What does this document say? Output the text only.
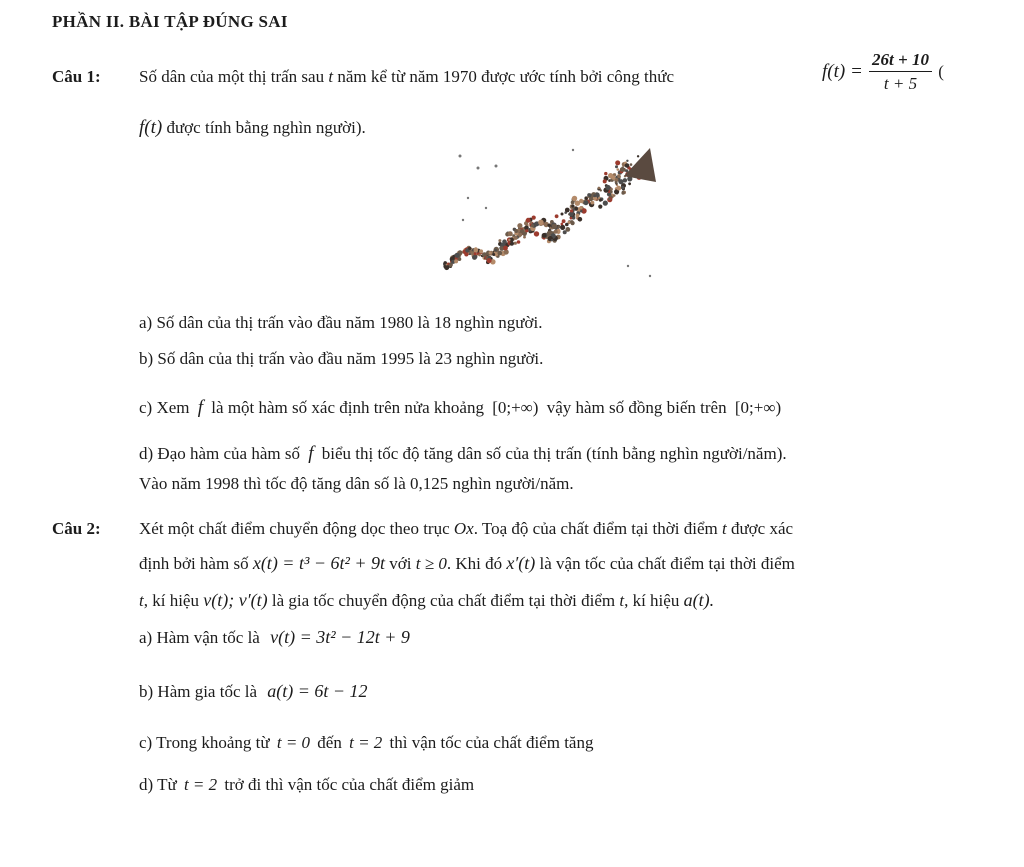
PHẦN II. BÀI TẬP ĐÚNG SAI
Câu 1: Số dân của một thị trấn sau t năm kể từ năm 1970 được ước tính bởi công thức	$f(t) = \frac{26t + 10}{t + 5}$ (
f(t) được tính bằng nghìn người).
a) Số dân của thị trấn vào đầu năm 1980 là 18 nghìn người.
b) Số dân của thị trấn vào đầu năm 1995 là 23 nghìn người.
c) Xem f là một hàm số xác định trên nửa khoảng [0;+∞) vậy hàm số đồng biến trên [0;+∞)
d) Đạo hàm của hàm số f biểu thị tốc độ tăng dân số của thị trấn (tính bằng nghìn người/năm).
Vào năm 1998 thì tốc độ tăng dân số là 0,125 nghìn người/năm.
Câu 2: Xét một chất điểm chuyển động dọc theo trục Ox. Toạ độ của chất điểm tại thời điểm t được xác
định bởi hàm số x(t) = t³ − 6t² + 9t với t ≥ 0. Khi đó x′(t) là vận tốc của chất điểm tại thời điểm
t, kí hiệu v(t); v′(t) là gia tốc chuyển động của chất điểm tại thời điểm t, kí hiệu a(t).
a) Hàm vận tốc là v(t) = 3t² − 12t + 9
b) Hàm gia tốc là a(t) = 6t − 12
c) Trong khoảng từ t = 0 đến t = 2 thì vận tốc của chất điểm tăng
d) Từ t = 2 trở đi thì vận tốc của chất điểm giảm
